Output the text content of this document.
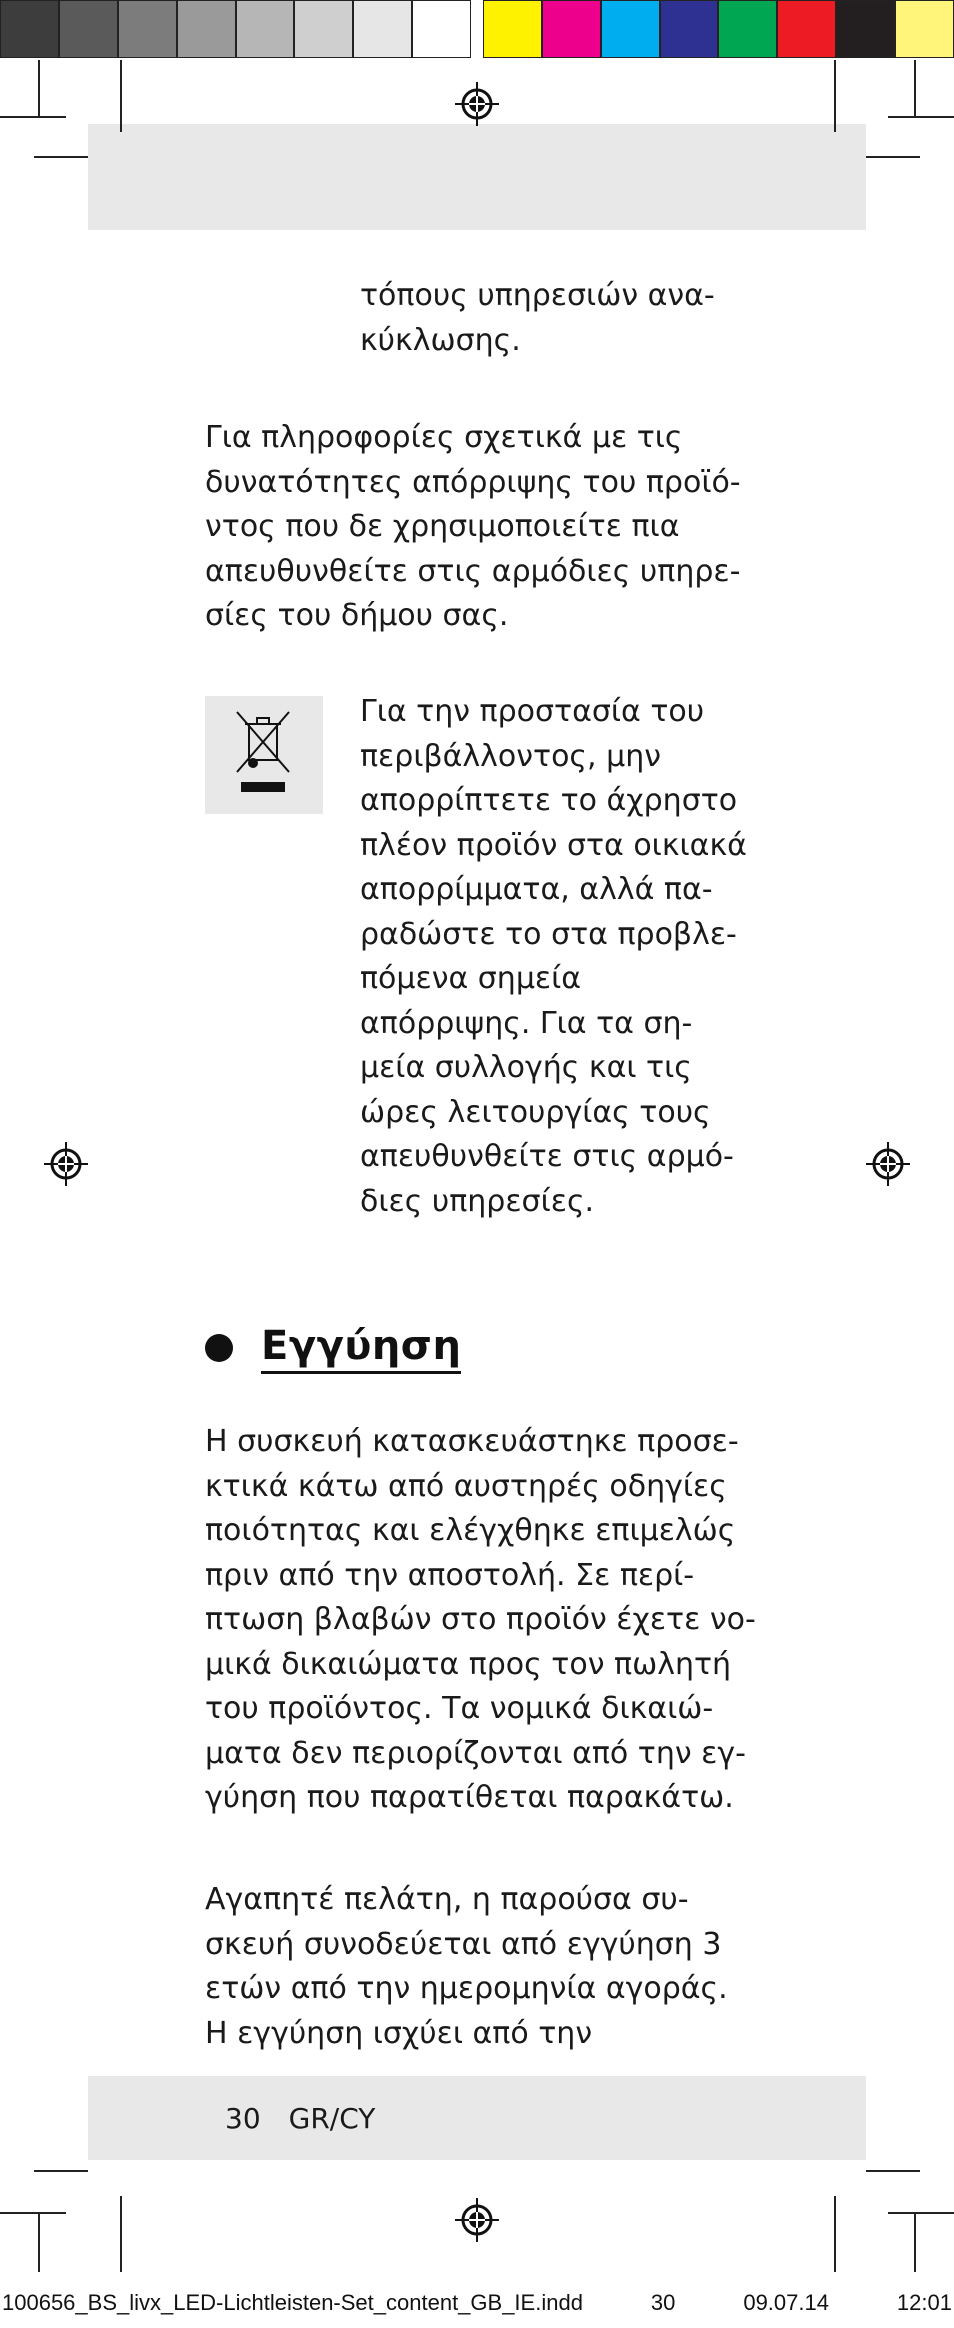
τόπους υπηρεσιών ανα-
κύκλωσης.
Για πληροφορίες σχετικά με τις
δυνατότητες απόρριψης του προϊό-
ντος που δε χρησιμοποιείτε πια
απευθυνθείτε στις αρμόδιες υπηρε-
σίες του δήμου σας.
Για την προστασία του
περιβάλλοντος, μην
απορρίπτετε το άχρηστο
πλέον προϊόν στα οικιακά
απορρίμματα, αλλά πα-
ραδώστε το στα προβλε-
πόμενα σημεία
απόρριψης. Για τα ση-
μεία συλλογής και τις
ώρες λειτουργίας τους
απευθυνθείτε στις αρμό-
διες υπηρεσίες.
Εγγύηση
Η συσκευή κατασκευάστηκε προσε-
κτικά κάτω από αυστηρές οδηγίες
ποιότητας και ελέγχθηκε επιμελώς
πριν από την αποστολή. Σε περί-
πτωση βλαβών στο προϊόν έχετε νο-
μικά δικαιώματα προς τον πωλητή
του προϊόντος. Τα νομικά δικαιώ-
ματα δεν περιορίζονται από την εγ-
γύηση που παρατίθεται παρακάτω.
Αγαπητέ πελάτη, η παρούσα συ-
σκευή συνοδεύεται από εγγύηση 3
ετών από την ημερομηνία αγοράς.
Η εγγύηση ισχύει από την
30 GR/CY
100656_BS_livx_LED-Lichtleisten-Set_content_GB_IE.indd	30	09.07.14	12:01
